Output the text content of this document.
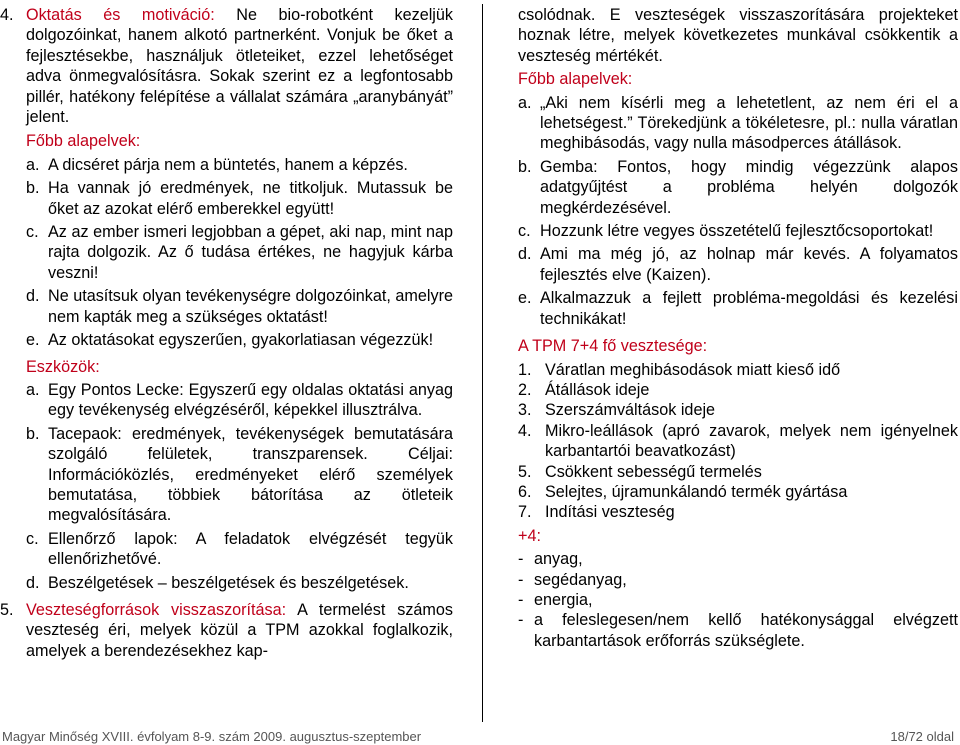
4. Oktatás és motiváció: Ne bio-robotként kezeljük dolgozóinkat, hanem alkotó partnerként. Vonjuk be őket a fejlesztésekbe, használjuk ötleteiket, ezzel lehetőséget adva önmegvalósításra. Sokak szerint ez a legfontosabb pillér, hatékony felépítése a vállalat számára „aranybányát” jelent.

Főbb alapelvek:

a. A dicséret párja nem a büntetés, hanem a képzés.

b. Ha vannak jó eredmények, ne titkoljuk. Mutassuk be őket az azokat elérő emberekkel együtt!

c. Az az ember ismeri legjobban a gépet, aki nap, mint nap rajta dolgozik. Az ő tudása értékes, ne hagyjuk kárba veszni!

d. Ne utasítsuk olyan tevékenységre dolgozóinkat, amelyre nem kapták meg a szükséges oktatást!

e. Az oktatásokat egyszerűen, gyakorlatiasan végezzük!

Eszközök:

a. Egy Pontos Lecke: Egyszerű egy oldalas oktatási anyag egy tevékenység elvégzéséről, képekkel illusztrálva.

b. Tacepaok: eredmények, tevékenységek bemutatására szolgáló felületek, transzparensek. Céljai: Információközlés, eredményeket elérő személyek bemutatása, többiek bátorítása az ötleteik megvalósítására.

c. Ellenőrző lapok: A feladatok elvégzését tegyük ellenőrizhetővé.

d. Beszélgetések – beszélgetések és beszélgetések.

5. Veszteségforrások visszaszorítása: A termelést számos veszteség éri, melyek közül a TPM azokkal foglalkozik, amelyek a berendezésekhez kap-

csolódnak. E veszteségek visszaszorítására projekteket hoznak létre, melyek következetes munkával csökkentik a veszteség mértékét.

Főbb alapelvek:

a. „Aki nem kísérli meg a lehetetlent, az nem éri el a lehetségest.” Törekedjünk a tökéletesre, pl.: nulla váratlan meghibásodás, vagy nulla másodperces átállások.

b. Gemba: Fontos, hogy mindig végezzünk alapos adatgyűjtést a probléma helyén dolgozók megkérdezésével.

c. Hozzunk létre vegyes összetételű fejlesztőcsoportokat!

d. Ami ma még jó, az holnap már kevés. A folyamatos fejlesztés elve (Kaizen).

e. Alkalmazzuk a fejlett probléma-megoldási és kezelési technikákat!

A TPM 7+4 fő vesztesége:

1. Váratlan meghibásodások miatt kieső idő

2. Átállások ideje

3. Szerszámváltások ideje

4. Mikro-leállások (apró zavarok, melyek nem igényelnek karbantartói beavatkozást)

5. Csökkent sebességű termelés

6. Selejtes, újramunkálandó termék gyártása

7. Indítási veszteség

+4:

- anyag,

- segédanyag,

- energia,

- a feleslegesen/nem kellő hatékonysággal elvégzett karbantartások erőforrás szükséglete.

Magyar Minőség XVIII. évfolyam 8-9. szám 2009. augusztus-szeptember	18/72 oldal
